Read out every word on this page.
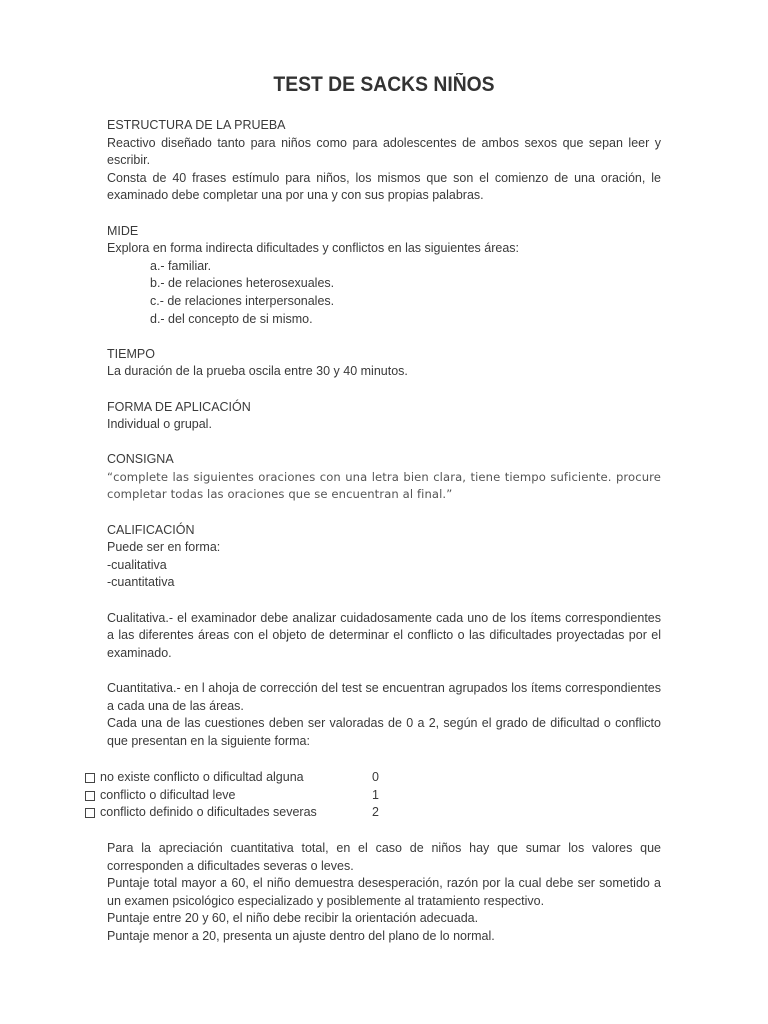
TEST DE SACKS NIÑOS

ESTRUCTURA DE LA PRUEBA

Reactivo diseñado tanto para niños como para adolescentes de ambos sexos que sepan leer y escribir.

Consta de 40 frases estímulo para niños, los mismos que son el comienzo de una oración, le examinado debe completar una por una y con sus propias palabras.

MIDE

Explora en forma indirecta dificultades y conflictos en las siguientes áreas:

a.- familiar.

b.- de relaciones heterosexuales.

c.- de relaciones interpersonales.

d.- del concepto de si mismo.

TIEMPO

La duración de la prueba oscila entre 30 y 40 minutos.

FORMA DE APLICACIÓN

Individual o grupal.

CONSIGNA

“complete las siguientes oraciones con una letra bien clara, tiene tiempo suficiente. procure completar todas las oraciones que se encuentran al final.”

CALIFICACIÓN

Puede ser en forma:

-cualitativa

-cuantitativa

Cualitativa.- el examinador debe analizar cuidadosamente cada uno de los ítems correspondientes a las diferentes áreas con el objeto de determinar el conflicto o las dificultades proyectadas por el examinado.

Cuantitativa.- en l ahoja de corrección del test se encuentran agrupados los ítems correspondientes a cada una de las áreas.

Cada una de las cuestiones deben ser valoradas de 0 a 2, según el grado de dificultad o conflicto que presentan en la siguiente forma:

no existe conflicto o dificultad alguna	0
conflicto o dificultad leve	1
conflicto definido o dificultades severas	2

Para la apreciación cuantitativa total, en el caso de niños hay que sumar los valores que corresponden a dificultades severas o leves.

Puntaje total mayor a 60, el niño demuestra desesperación, razón por la cual debe ser sometido a un examen psicológico especializado y posiblemente al tratamiento respectivo.

Puntaje entre 20 y 60, el niño debe recibir la orientación adecuada.

Puntaje menor a 20, presenta un ajuste dentro del plano de lo normal.
